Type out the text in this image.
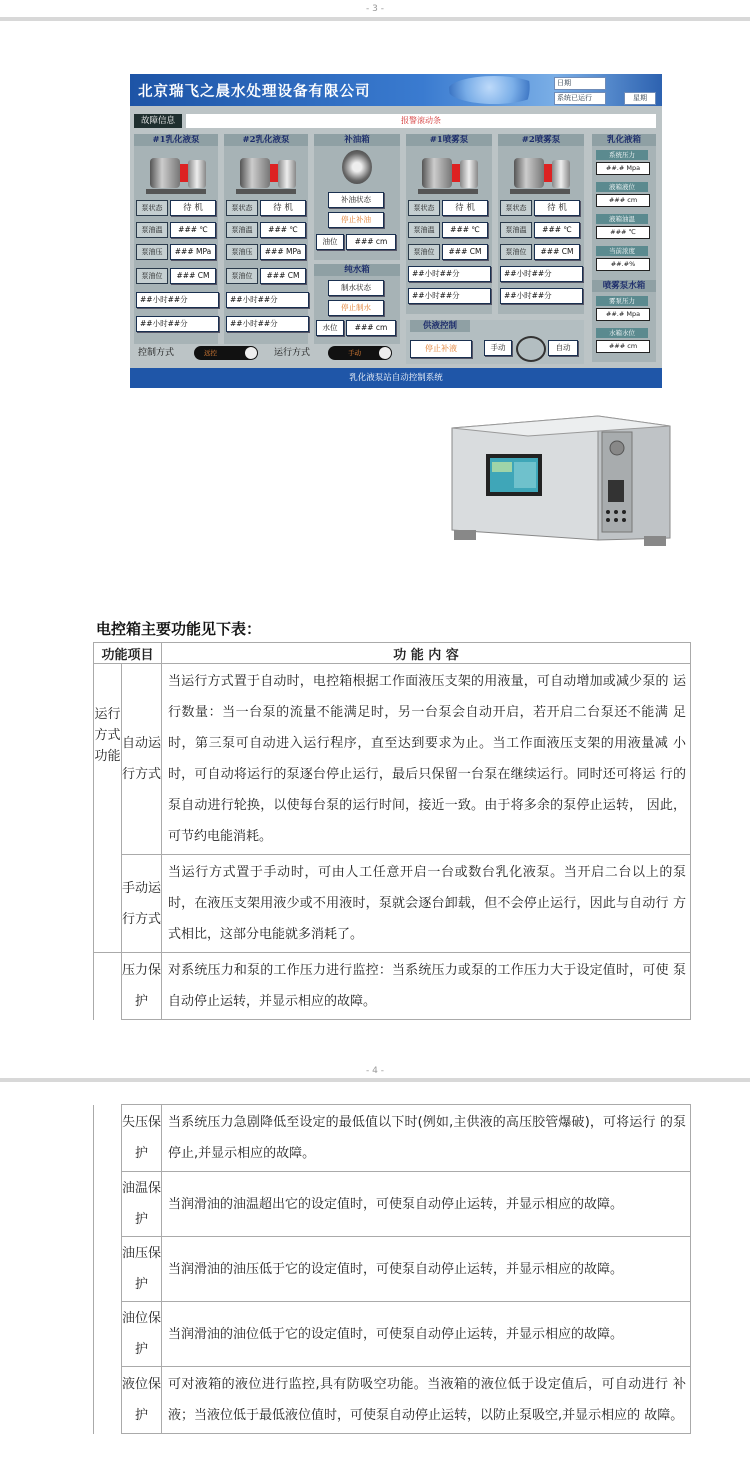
- 3 -
北京瑞飞之晨水处理设备有限公司	日期
系统已运行	星期
故障信息	报警滚动条
#1乳化液泵
泵状态	待 机
泵油温	### ℃
泵油压	### MPa
泵油位	### CM
##小时##分
##小时##分
#2乳化液泵
泵状态	待 机
泵油温	### ℃
泵油压	### MPa
泵油位	### CM
##小时##分
##小时##分
补油箱
补油状态
停止补油
油位	### cm
纯水箱
制水状态
停止制水
水位	### cm
#1喷雾泵
泵状态	待 机
泵油温	### ℃
泵油位	### CM
##小时##分
##小时##分
#2喷雾泵
泵状态	待 机
泵油温	### ℃
泵油位	### CM
##小时##分
##小时##分
供液控制
停止补液	手动	自动
乳化液箱
系统压力
##.# Mpa
液箱液位
### cm
液箱油温
### ℃
当前浓度
##.#%
喷雾泵水箱
雾泵压力
##.# Mpa
水箱水位
### cm
控制方式	远控	运行方式	手动
乳化液泵站自动控制系统
电控箱主要功能见下表：
功能项目		功 能 内 容
运行方式功能	自动运行方式	当运行方式置于自动时，电控箱根据工作面液压支架的用液量，可自动增加或减少泵的 运行数量：当一台泵的流量不能满足时，另一台泵会自动开启，若开启二台泵还不能满 足时，第三泵可自动进入运行程序，直至达到要求为止。当工作面液压支架的用液量减 小时，可自动将运行的泵逐台停止运行，最后只保留一台泵在继续运行。同时还可将运 行的泵自动进行轮换，以使每台泵的运行时间，接近一致。由于将多余的泵停止运转， 因此，可节约电能消耗。
	手动运行方式	当运行方式置于手动时，可由人工任意开启一台或数台乳化液泵。当开启二台以上的泵 时，在液压支架用液少或不用液时，泵就会逐台卸载，但不会停止运行，因此与自动行 方式相比，这部分电能就多消耗了。
	压力保护	对系统压力和泵的工作压力进行监控：当系统压力或泵的工作压力大于设定值时，可使 泵自动停止运转，并显示相应的故障。
- 4 -
	失压保护	当系统压力急剧降低至设定的最低值以下时(例如,主供液的高压胶管爆破)，可将运行 的泵停止,并显示相应的故障。
	油温保护	当润滑油的油温超出它的设定值时，可使泵自动停止运转，并显示相应的故障。
	油压保护	当润滑油的油压低于它的设定值时，可使泵自动停止运转，并显示相应的故障。
	油位保护	当润滑油的油位低于它的设定值时，可使泵自动停止运转，并显示相应的故障。
	液位保护	可对液箱的液位进行监控,具有防吸空功能。当液箱的液位低于设定值后，可自动进行 补液；当液位低于最低液位值时，可使泵自动停止运转，以防止泵吸空,并显示相应的 故障。
